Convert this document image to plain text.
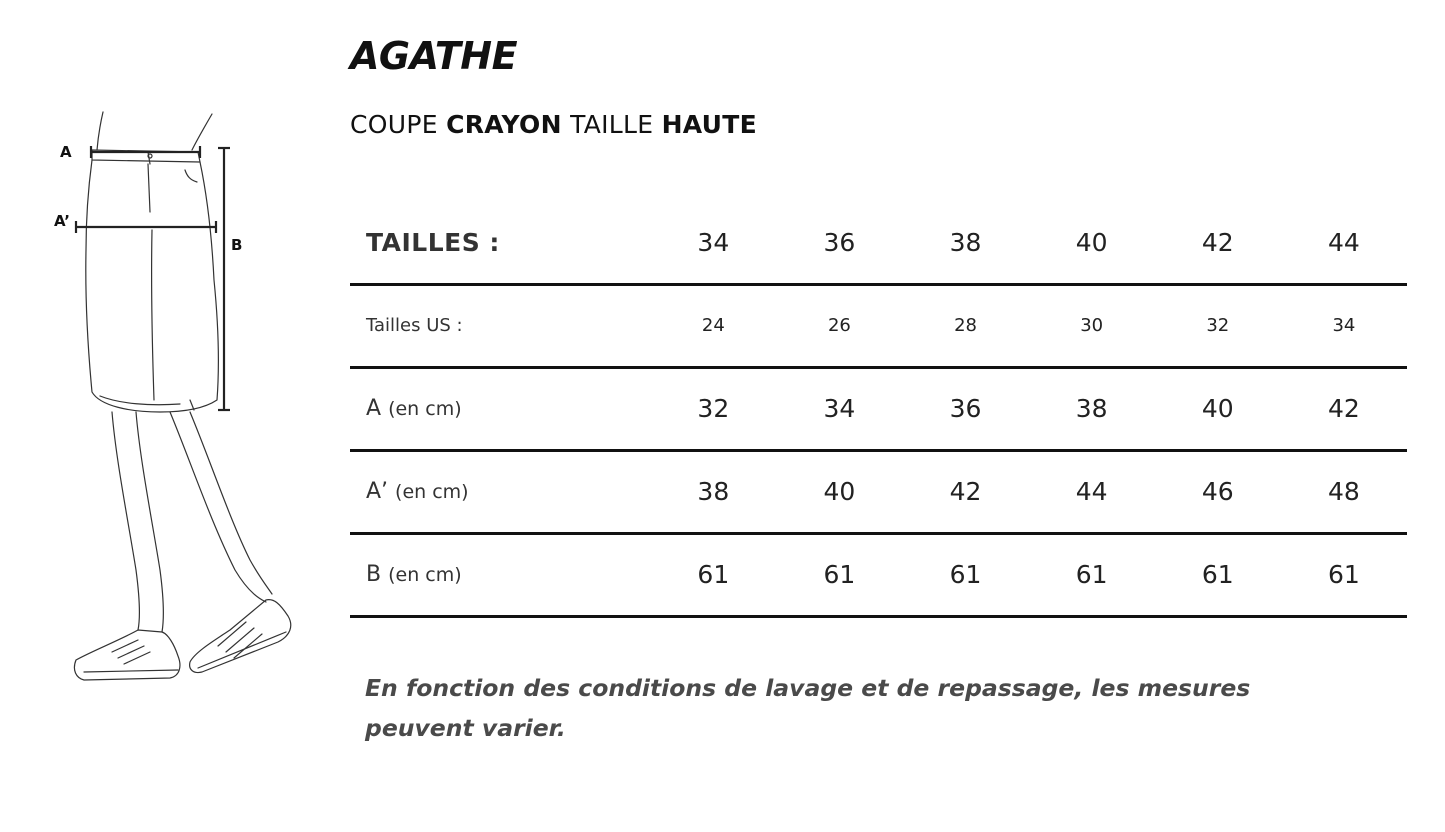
A
A’
B
AGATHE
COUPE CRAYON TAILLE HAUTE
TAILLES :	34	36	38	40	42	44
Tailles US :	24	26	28	30	32	34
A (en cm)	32	34	36	38	40	42
A’ (en cm)	38	40	42	44	46	48
B (en cm)	61	61	61	61	61	61

En fonction des conditions de lavage et de repassage, les mesures
peuvent varier.
